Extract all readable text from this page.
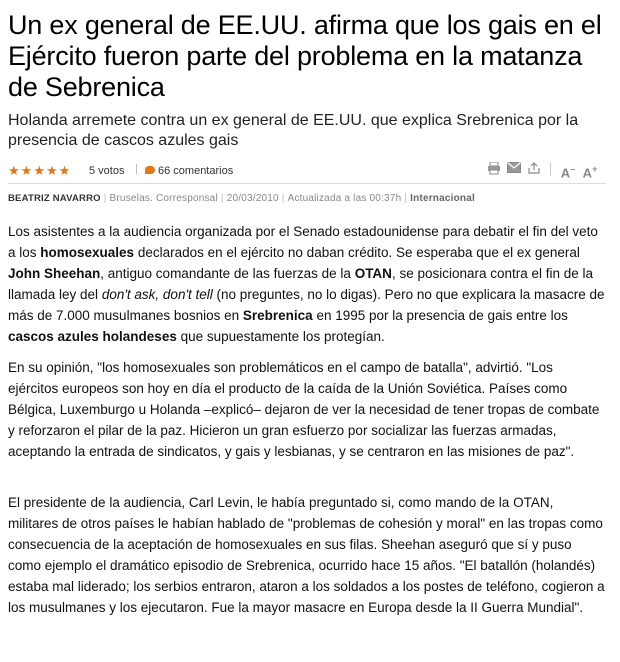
Un ex general de EE.UU. afirma que los gais en el Ejército fueron parte del problema en la matanza de Sebrenica
Holanda arremete contra un ex general de EE.UU. que explica Srebrenica por la presencia de cascos azules gais
★ ★ ★ ★ ★ 5 votos | 66 comentarios	A– A+
BEATRIZ NAVARRO | Bruselas. Corresponsal | 20/03/2010 | Actualizada a las 00:37h | Internacional

Los asistentes a la audiencia organizada por el Senado estadounidense para debatir el fin del veto a los homosexuales declarados en el ejército no daban crédito. Se esperaba que el ex general John Sheehan, antiguo comandante de las fuerzas de la OTAN, se posicionara contra el fin de la llamada ley del don't ask, don't tell (no preguntes, no lo digas). Pero no que explicara la masacre de más de 7.000 musulmanes bosnios en Srebrenica en 1995 por la presencia de gais entre los cascos azules holandeses que supuestamente los protegían.

En su opinión, "los homosexuales son problemáticos en el campo de batalla", advirtió. "Los ejércitos europeos son hoy en día el producto de la caída de la Unión Soviética. Países como Bélgica, Luxemburgo u Holanda –explicó– dejaron de ver la necesidad de tener tropas de combate y reforzaron el pilar de la paz. Hicieron un gran esfuerzo por socializar las fuerzas armadas, aceptando la entrada de sindicatos, y gais y lesbianas, y se centraron en las misiones de paz".

El presidente de la audiencia, Carl Levin, le había preguntado si, como mando de la OTAN, militares de otros países le habían hablado de "problemas de cohesión y moral" en las tropas como consecuencia de la aceptación de homosexuales en sus filas. Sheehan aseguró que sí y puso como ejemplo el dramático episodio de Srebrenica, ocurrido hace 15 años. "El batallón (holandés) estaba mal liderado; los serbios entraron, ataron a los soldados a los postes de teléfono, cogieron a los musulmanes y los ejecutaron. Fue la mayor masacre en Europa desde la II Guerra Mundial".
